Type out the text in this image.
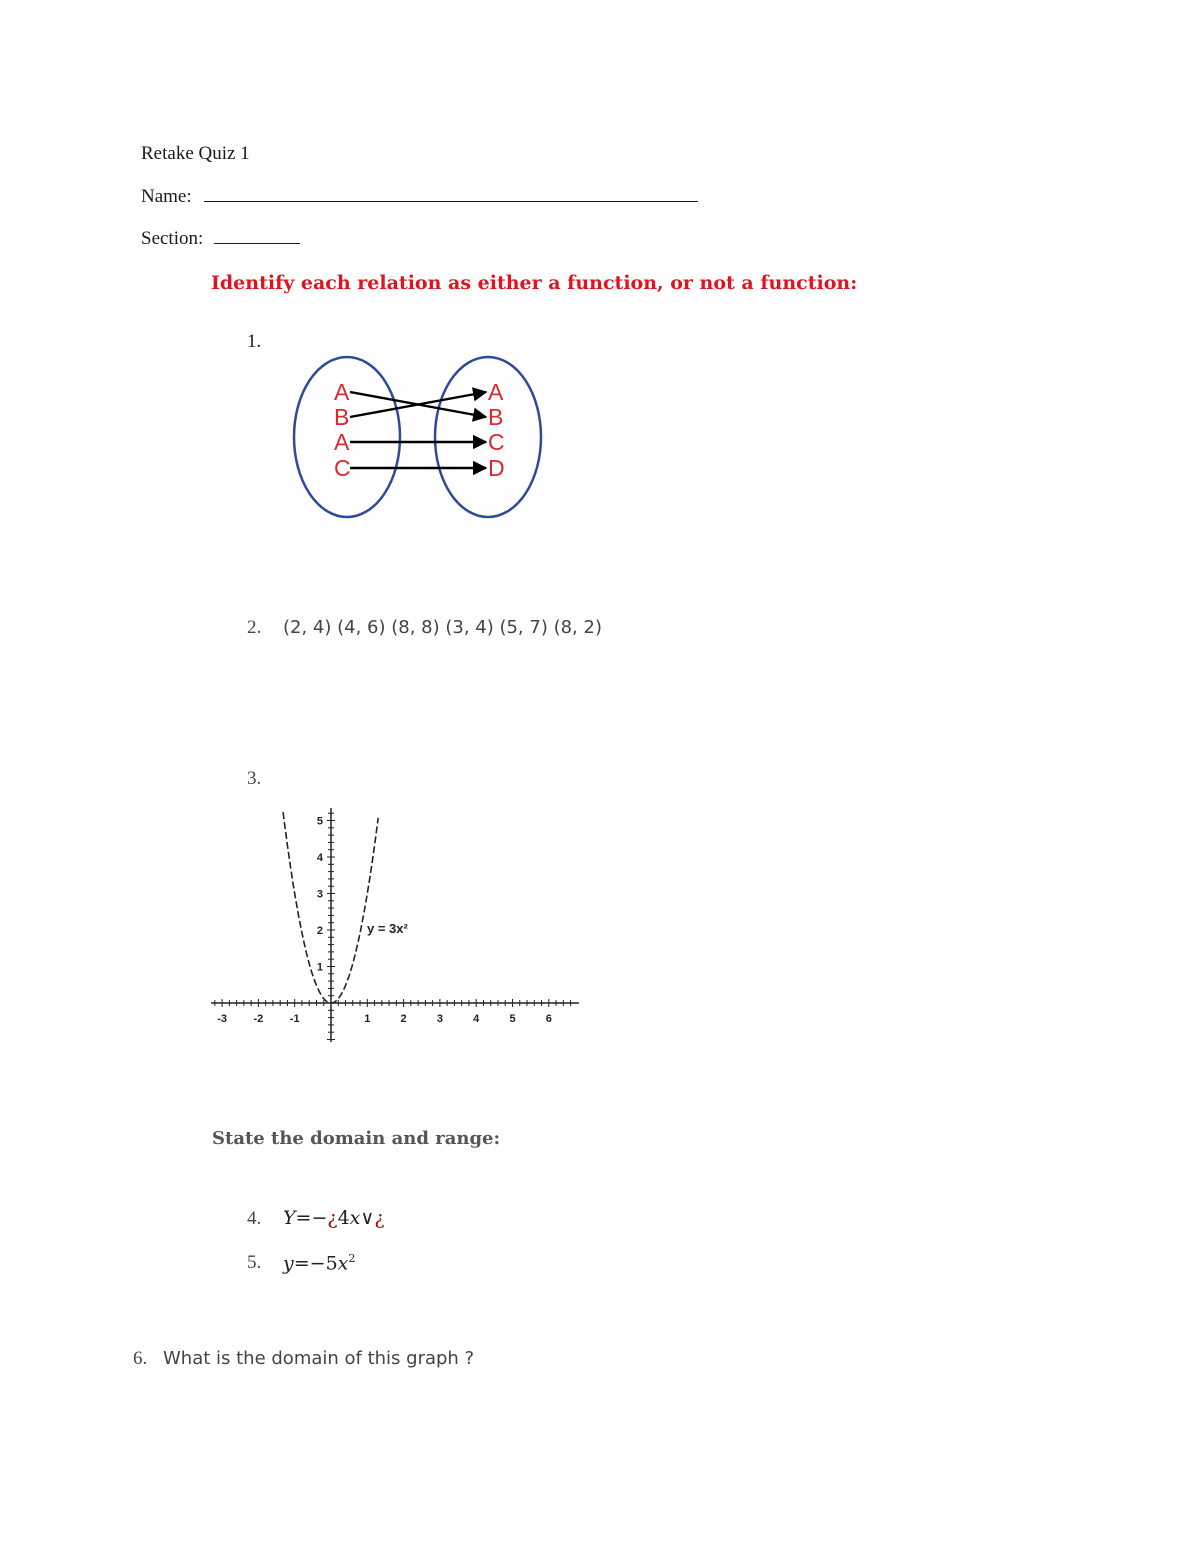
Retake Quiz 1
Name:
Section:
Identify each relation as either a function, or not a function:
1.
A
B
A
C
A
B
C
D
2. (2, 4) (4, 6) (8, 8) (3, 4) (5, 7) (8, 2)
3.
-3 -2 -1	1	2	3	4	5	6
1
2
3
4
5
y = 3x²
State the domain and range:
4. Y=−¿4x∨¿
5. $y=-5x^2$
6. What is the domain of this graph ?
